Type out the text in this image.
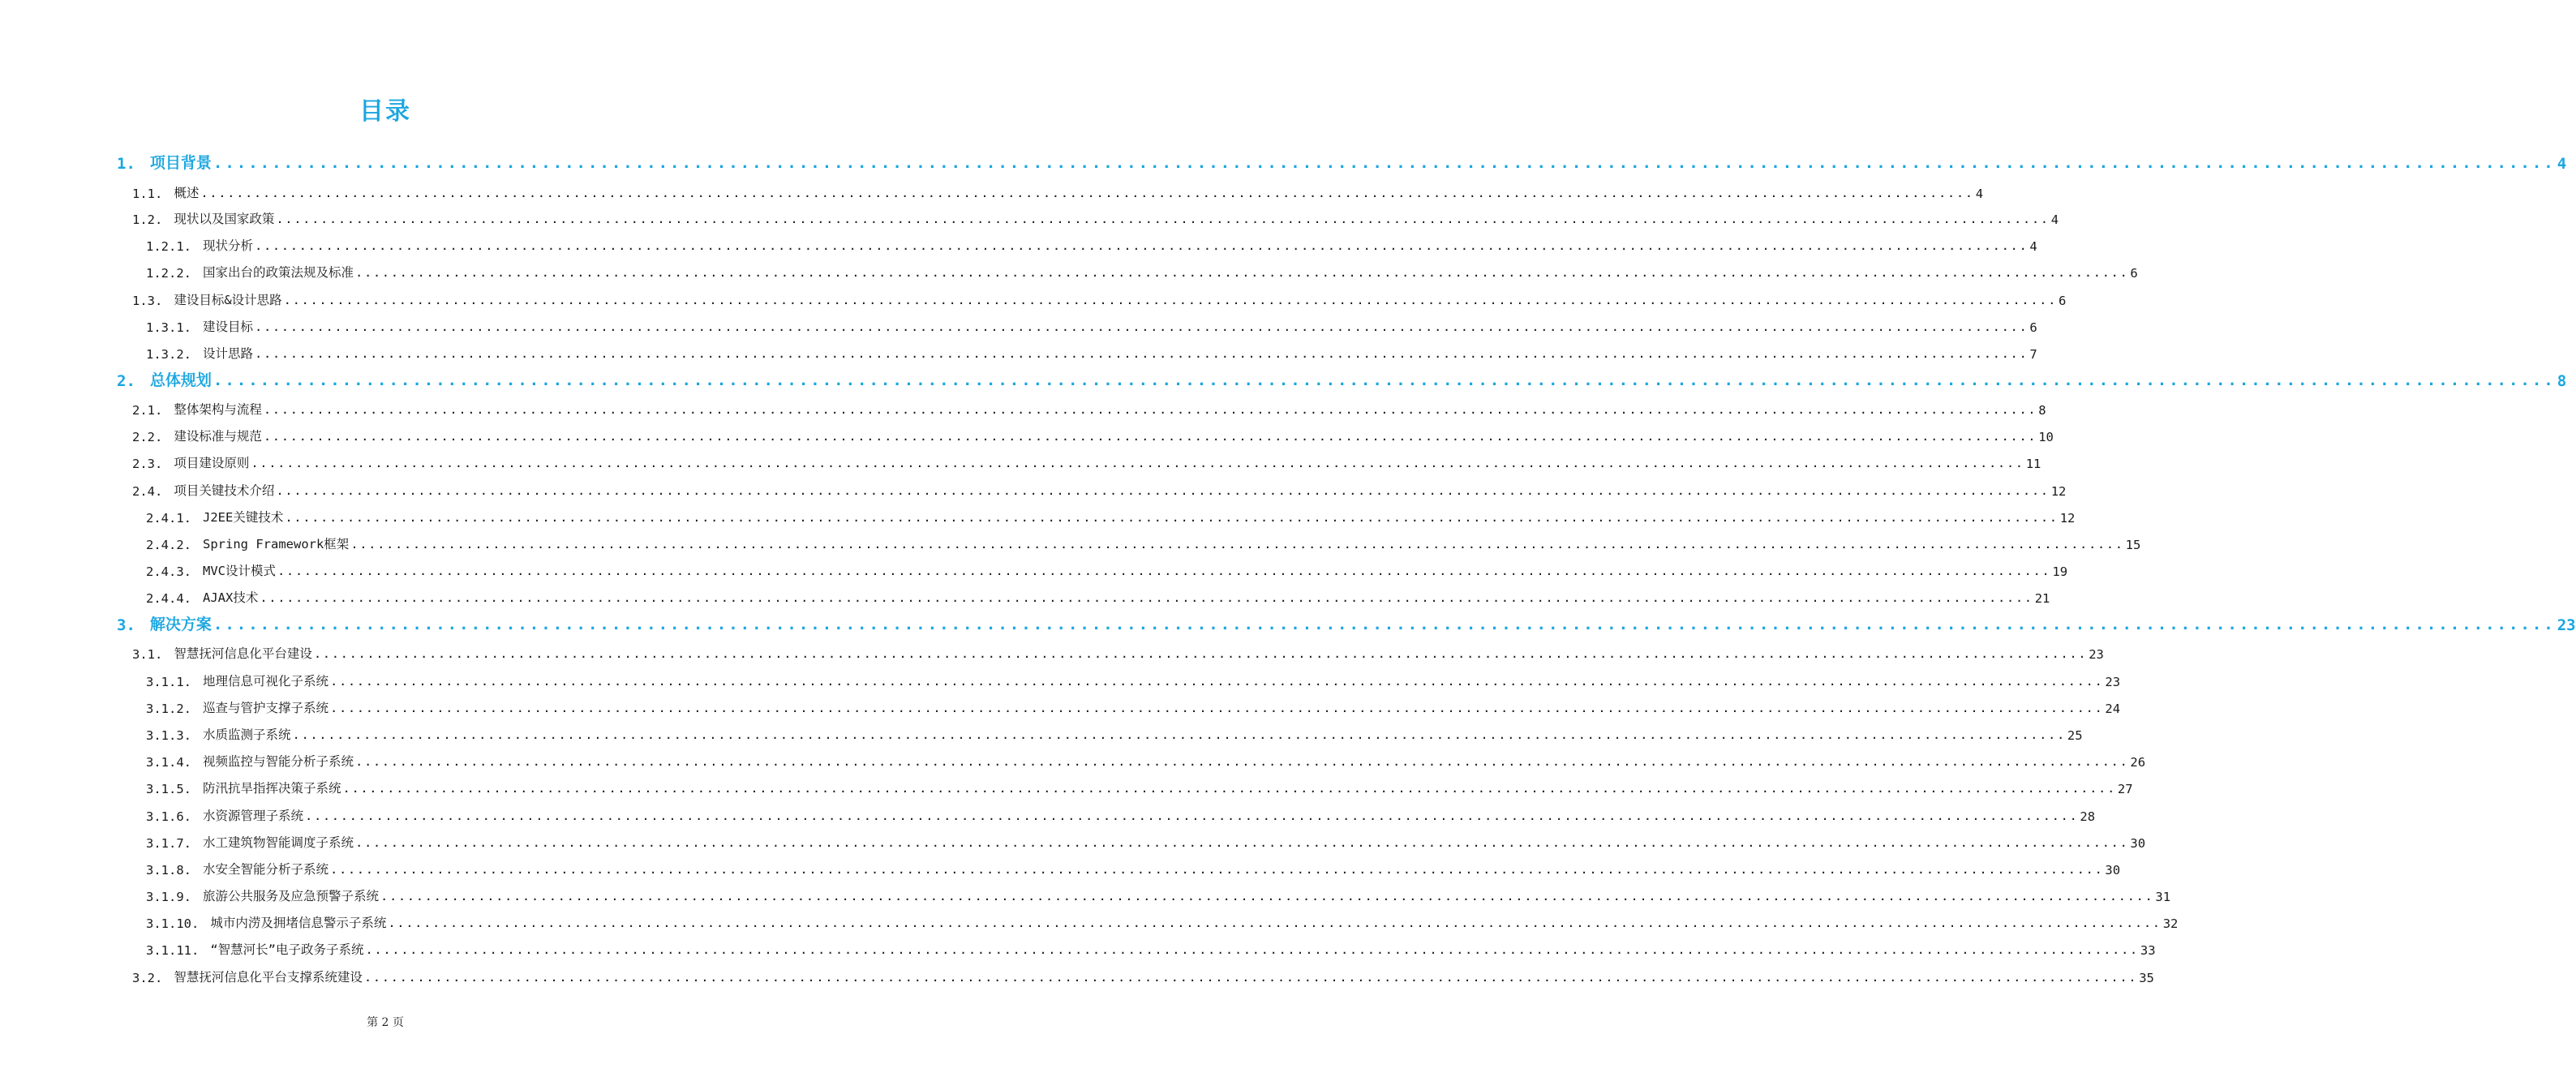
目录
1. 项目背景 ........................................................................................................................................................................................................ 4
1.1. 概述 ........................................................................................................................................................................................................ 4
1.2. 现状以及国家政策 ........................................................................................................................................................................................................ 4
1.2.1. 现状分析 ........................................................................................................................................................................................................ 4
1.2.2. 国家出台的政策法规及标准 ........................................................................................................................................................................................................ 6
1.3. 建设目标&设计思路 ........................................................................................................................................................................................................ 6
1.3.1. 建设目标 ........................................................................................................................................................................................................ 6
1.3.2. 设计思路 ........................................................................................................................................................................................................ 7
2. 总体规划 ........................................................................................................................................................................................................ 8
2.1. 整体架构与流程 ........................................................................................................................................................................................................ 8
2.2. 建设标准与规范 ........................................................................................................................................................................................................ 10
2.3. 项目建设原则 ........................................................................................................................................................................................................ 11
2.4. 项目关键技术介绍 ........................................................................................................................................................................................................ 12
2.4.1. J2EE关键技术 ........................................................................................................................................................................................................ 12
2.4.2. Spring Framework框架 ........................................................................................................................................................................................................ 15
2.4.3. MVC设计模式 ........................................................................................................................................................................................................ 19
2.4.4. AJAX技术 ........................................................................................................................................................................................................ 21
3. 解决方案 ........................................................................................................................................................................................................ 23
3.1. 智慧抚河信息化平台建设 ........................................................................................................................................................................................................ 23
3.1.1. 地理信息可视化子系统 ........................................................................................................................................................................................................ 23
3.1.2. 巡查与管护支撑子系统 ........................................................................................................................................................................................................ 24
3.1.3. 水质监测子系统 ........................................................................................................................................................................................................ 25
3.1.4. 视频监控与智能分析子系统 ........................................................................................................................................................................................................ 26
3.1.5. 防汛抗旱指挥决策子系统 ........................................................................................................................................................................................................ 27
3.1.6. 水资源管理子系统 ........................................................................................................................................................................................................ 28
3.1.7. 水工建筑物智能调度子系统 ........................................................................................................................................................................................................ 30
3.1.8. 水安全智能分析子系统 ........................................................................................................................................................................................................ 30
3.1.9. 旅游公共服务及应急预警子系统 ........................................................................................................................................................................................................ 31
3.1.10. 城市内涝及拥堵信息警示子系统 ........................................................................................................................................................................................................ 32
3.1.11. “智慧河长”电子政务子系统 ........................................................................................................................................................................................................ 33
3.2. 智慧抚河信息化平台支撑系统建设 ........................................................................................................................................................................................................ 35
第 2 页
